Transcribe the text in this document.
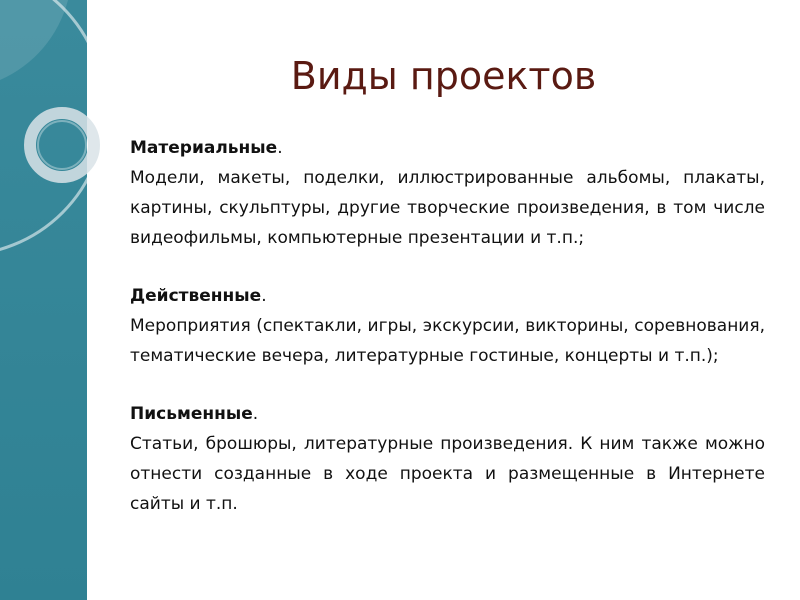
Виды проектов
Материальные.
Модели, макеты, поделки, иллюстрированные альбомы, плакаты, картины, скульптуры, другие творческие произведения, в том числе видеофильмы, компьютерные презентации и т.п.;
Действенные.
Мероприятия (спектакли, игры, экскурсии, викторины, соревнования, тематические вечера, литературные гостиные, концерты и т.п.);
Письменные.
Статьи, брошюры, литературные произведения. К ним также можно отнести созданные в ходе проекта и размещенные в Интернете сайты и т.п.
